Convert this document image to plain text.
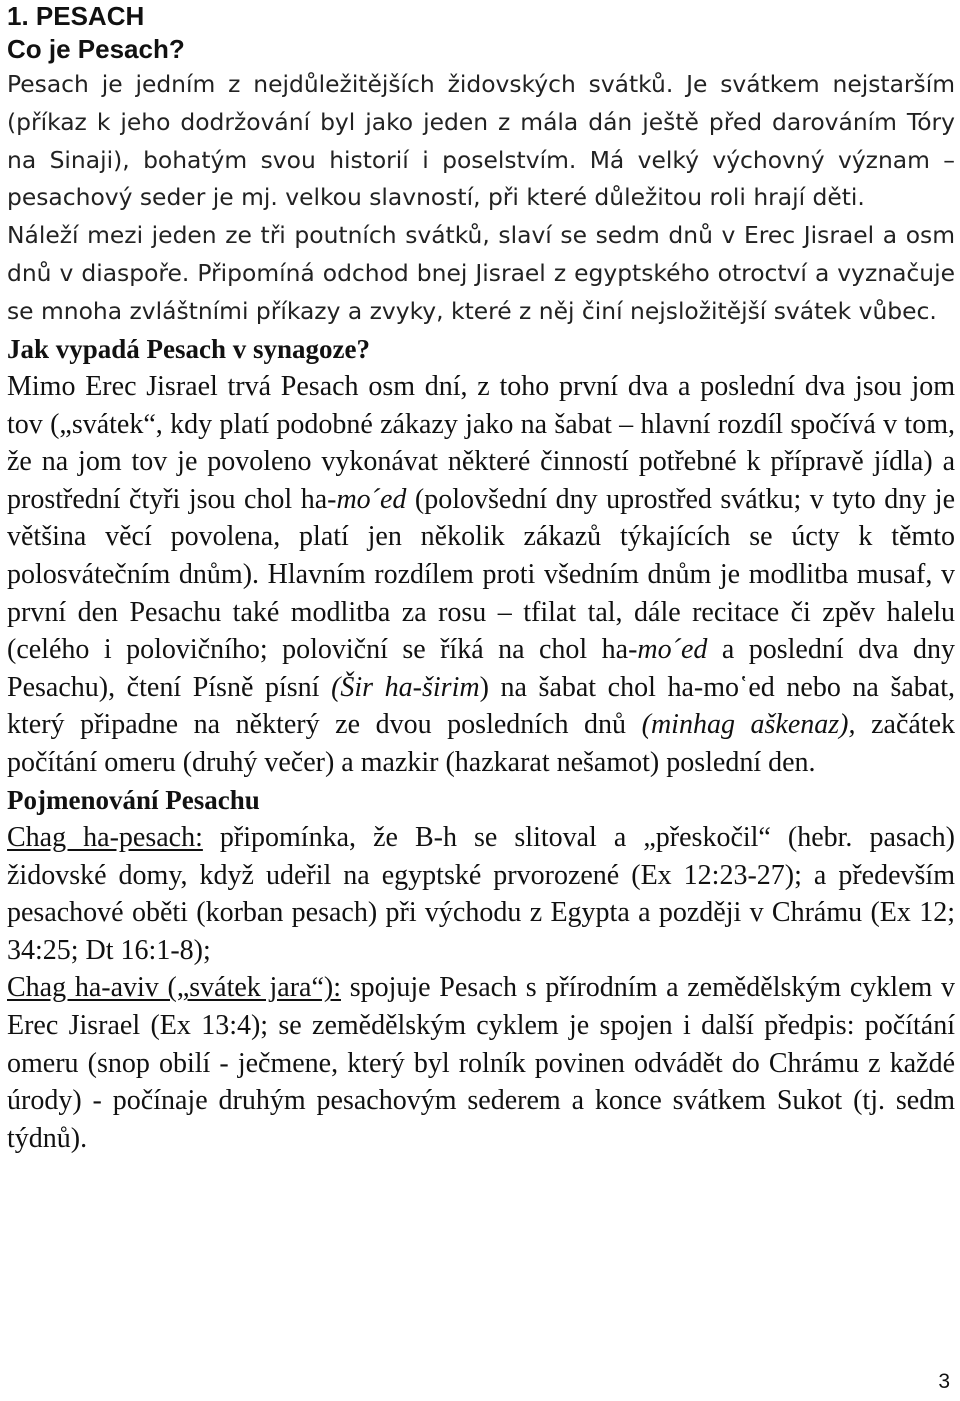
1. PESACH
Co je Pesach?

Pesach je jedním z nejdůležitějších židovských svátků. Je svátkem nejstarším (příkaz k jeho dodržování byl jako jeden z mála dán ještě před darováním Tóry na Sinaji), bohatým svou historií i poselstvím. Má velký výchovný význam – pesachový seder je mj. velkou slavností, při které důležitou roli hrají děti.

Náleží mezi jeden ze tři poutních svátků, slaví se sedm dnů v Erec Jisrael a osm dnů v diaspoře. Připomíná odchod bnej Jisrael z egyptského otroctví a vyznačuje se mnoha zvláštními příkazy a zvyky, které z něj činí nejsložitější svátek vůbec.

Jak vypadá Pesach v synagoze?

Mimo Erec Jisrael trvá Pesach osm dní, z toho první dva a poslední dva jsou jom tov („svátek“, kdy platí podobné zákazy jako na šabat – hlavní rozdíl spočívá v tom, že na jom tov je povoleno vykonávat některé činností potřebné k přípravě jídla) a prostřední čtyři jsou chol ha-mo´ed (polovšední dny uprostřed svátku; v tyto dny je většina věcí povolena, platí jen několik zákazů týkajících se úcty k těmto polosvátečním dnům). Hlavním rozdílem proti všedním dnům je modlitba musaf, v první den Pesachu také modlitba za rosu – tfilat tal, dále recitace či zpěv halelu (celého i polovičního; poloviční se říká na chol ha-mo´ed a poslední dva dny Pesachu), čtení Písně písní (Šir ha-širim) na šabat chol ha-mo῾ed nebo na šabat, který připadne na některý ze dvou posledních dnů (minhag aškenaz), začátek počítání omeru (druhý večer) a mazkir (hazkarat nešamot) poslední den.

Pojmenování Pesachu

Chag ha-pesach: připomínka, že B-h se slitoval a „přeskočil“ (hebr. pasach) židovské domy, když udeřil na egyptské prvorozené (Ex 12:23-27); a především pesachové oběti (korban pesach) při východu z Egypta a později v Chrámu (Ex 12; 34:25; Dt 16:1-8);

Chag ha-aviv („svátek jara“): spojuje Pesach s přírodním a zemědělským cyklem v Erec Jisrael (Ex 13:4); se zemědělským cyklem je spojen i další předpis: počítání omeru (snop obilí - ječmene, který byl rolník povinen odvádět do Chrámu z každé úrody) - počínaje druhým pesachovým sederem a konce svátkem Sukot (tj. sedm týdnů).

3
